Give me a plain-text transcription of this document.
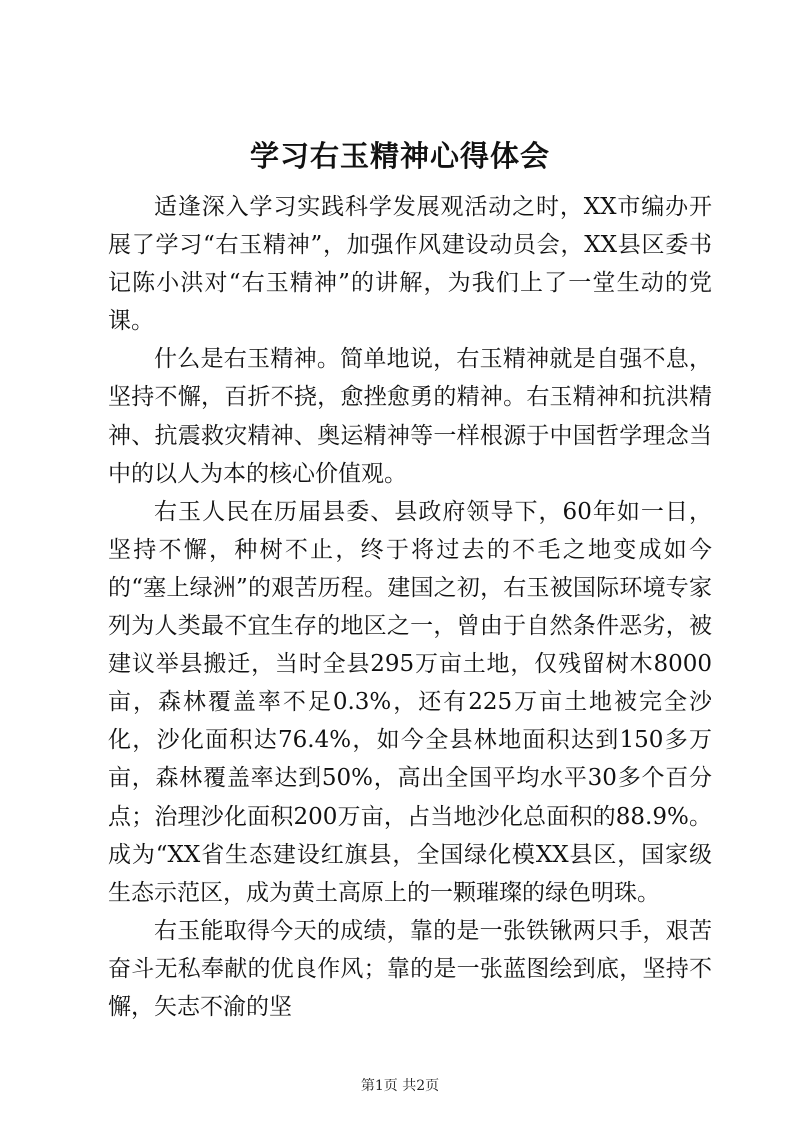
学习右玉精神心得体会

适逢深入学习实践科学发展观活动之时，XX市编办开展了学习“右玉精神”，加强作风建设动员会，XX县区委书记陈小洪对“右玉精神”的讲解，为我们上了一堂生动的党课。

什么是右玉精神。简单地说，右玉精神就是自强不息，坚持不懈，百折不挠，愈挫愈勇的精神。右玉精神和抗洪精神、抗震救灾精神、奥运精神等一样根源于中国哲学理念当中的以人为本的核心价值观。

右玉人民在历届县委、县政府领导下，60年如一日，坚持不懈，种树不止，终于将过去的不毛之地变成如今的“塞上绿洲”的艰苦历程。建国之初，右玉被国际环境专家列为人类最不宜生存的地区之一，曾由于自然条件恶劣，被建议举县搬迁，当时全县295万亩土地，仅残留树木8000亩，森林覆盖率不足0.3%，还有225万亩土地被完全沙化，沙化面积达76.4%，如今全县林地面积达到150多万亩，森林覆盖率达到50%，高出全国平均水平30多个百分点；治理沙化面积200万亩，占当地沙化总面积的88.9%。成为“XX省生态建设红旗县，全国绿化模XX县区，国家级生态示范区，成为黄土高原上的一颗璀璨的绿色明珠。

右玉能取得今天的成绩，靠的是一张铁锹两只手，艰苦奋斗无私奉献的优良作风；靠的是一张蓝图绘到底，坚持不懈，矢志不渝的坚

第1页 共2页
